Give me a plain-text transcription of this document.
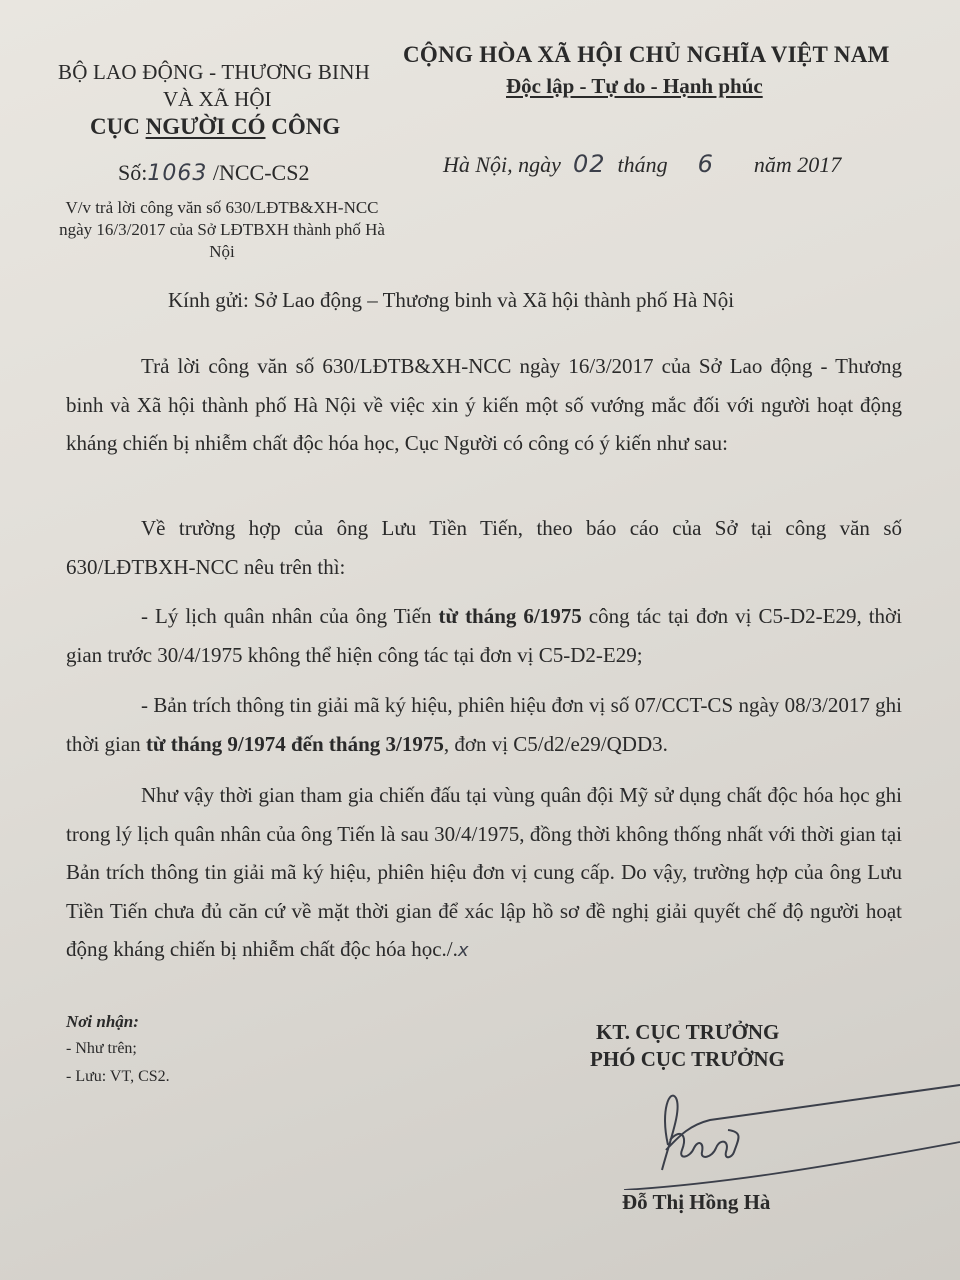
BỘ LAO ĐỘNG - THƯƠNG BINH
VÀ XÃ HỘI
CỤC NGƯỜI CÓ CÔNG
Số:1063 /NCC-CS2
V/v trả lời công văn số 630/LĐTB&XH-NCC ngày 16/3/2017 của Sở LĐTBXH thành phố Hà Nội
CỘNG HÒA XÃ HỘI CHỦ NGHĨA VIỆT NAM
Độc lập - Tự do - Hạnh phúc
Hà Nội, ngày 02 tháng 6 năm 2017
Kính gửi: Sở Lao động – Thương binh và Xã hội thành phố Hà Nội
Trả lời công văn số 630/LĐTB&XH-NCC ngày 16/3/2017 của Sở Lao động - Thương binh và Xã hội thành phố Hà Nội về việc xin ý kiến một số vướng mắc đối với người hoạt động kháng chiến bị nhiễm chất độc hóa học, Cục Người có công có ý kiến như sau:
Về trường hợp của ông Lưu Tiền Tiến, theo báo cáo của Sở tại công văn số 630/LĐTBXH-NCC nêu trên thì:
- Lý lịch quân nhân của ông Tiến từ tháng 6/1975 công tác tại đơn vị C5-D2-E29, thời gian trước 30/4/1975 không thể hiện công tác tại đơn vị C5-D2-E29;
- Bản trích thông tin giải mã ký hiệu, phiên hiệu đơn vị số 07/CCT-CS ngày 08/3/2017 ghi thời gian từ tháng 9/1974 đến tháng 3/1975, đơn vị C5/d2/e29/QDD3.
Như vậy thời gian tham gia chiến đấu tại vùng quân đội Mỹ sử dụng chất độc hóa học ghi trong lý lịch quân nhân của ông Tiến là sau 30/4/1975, đồng thời không thống nhất với thời gian tại Bản trích thông tin giải mã ký hiệu, phiên hiệu đơn vị cung cấp. Do vậy, trường hợp của ông Lưu Tiền Tiến chưa đủ căn cứ về mặt thời gian để xác lập hồ sơ đề nghị giải quyết chế độ người hoạt động kháng chiến bị nhiễm chất độc hóa học./.x
Nơi nhận:
- Như trên;
- Lưu: VT, CS2.
KT. CỤC TRƯỞNG
PHÓ CỤC TRƯỞNG
Đỗ Thị Hồng Hà
